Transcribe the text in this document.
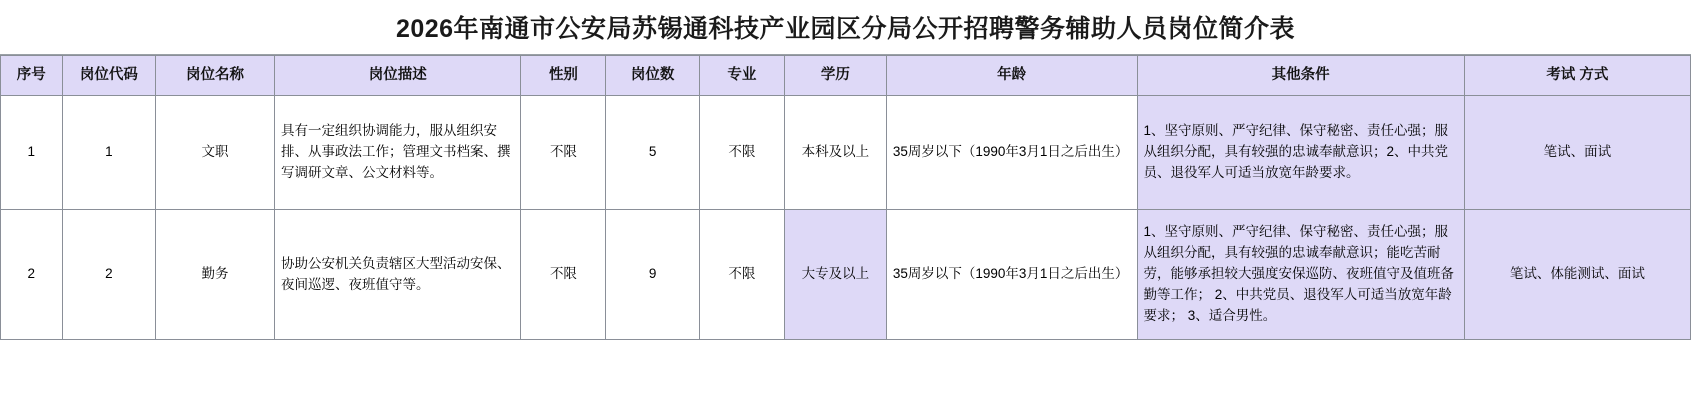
2026年南通市公安局苏锡通科技产业园区分局公开招聘警务辅助人员岗位简介表
序号	岗位代码	岗位名称	岗位描述	性别	岗位数	专业	学历	年龄	其他条件	考试 方式
1	1	文职	具有一定组织协调能力，服从组织安排、从事政法工作；管理文书档案、撰写调研文章、公文材料等。	不限	5	不限	本科及以上	35周岁以下（1990年3月1日之后出生）	1、坚守原则、严守纪律、保守秘密、责任心强；服从组织分配，具有较强的忠诚奉献意识；2、中共党员、退役军人可适当放宽年龄要求。	笔试、面试
2	2	勤务	协助公安机关负责辖区大型活动安保、夜间巡逻、夜班值守等。	不限	9	不限	大专及以上	35周岁以下（1990年3月1日之后出生）	1、坚守原则、严守纪律、保守秘密、责任心强；服从组织分配，具有较强的忠诚奉献意识；能吃苦耐劳，能够承担较大强度安保巡防、夜班值守及值班备勤等工作； 2、中共党员、退役军人可适当放宽年龄要求； 3、适合男性。	笔试、体能测试、面试
